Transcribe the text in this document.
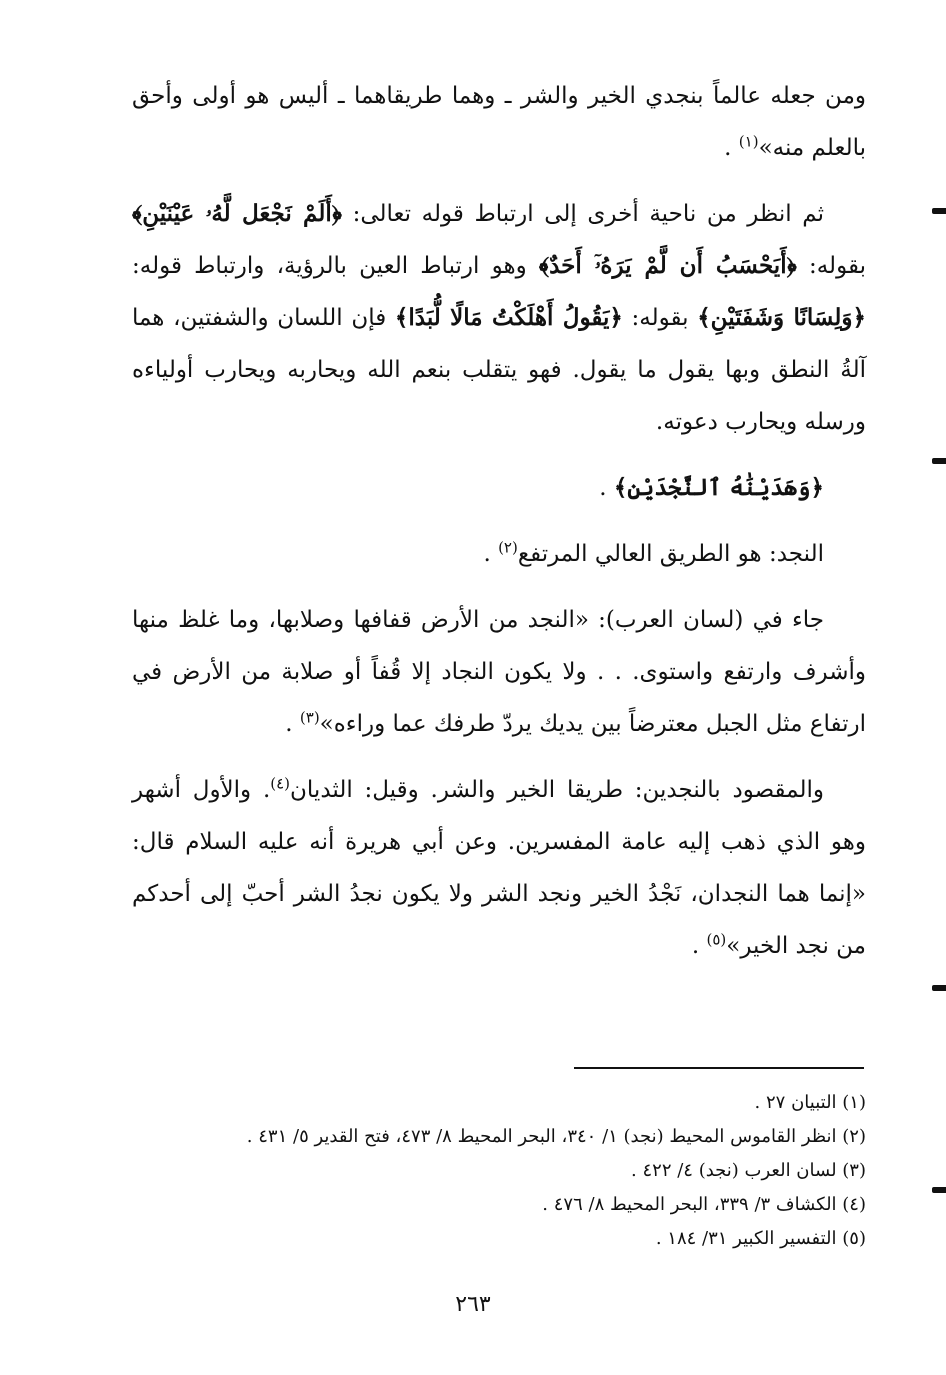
ومن جعله عالماً بنجدي الخير والشر ـ وهما طريقاهما ـ أليس هو أولى وأحق بالعلم منه»$^{(١)}$ .

ثم انظر من ناحية أخرى إلى ارتباط قوله تعالى: ﴿أَلَمْ نَجْعَل لَّهُۥ عَيْنَيْنِ﴾ بقوله: ﴿أَيَحْسَبُ أَن لَّمْ يَرَهُۥٓ أَحَدٌ﴾ وهو ارتباط العين بالرؤية، وارتباط قوله: ﴿وَلِسَانًا وَشَفَتَيْنِ﴾ بقوله: ﴿يَقُولُ أَهْلَكْتُ مَالًا لُّبَدًا﴾ فإن اللسان والشفتين، هما آلةُ النطق وبها يقول ما يقول. فهو يتقلب بنعم الله ويحاربه ويحارب أولياءه ورسله ويحارب دعوته.

﴿وَهَدَيْنَٰهُ ٱلنَّجْدَيْنِ﴾ .

النجد: هو الطريق العالي المرتفع$^{(٢)}$ .

جاء في (لسان العرب): «النجد من الأرض قفافها وصلابها، وما غلظ منها وأشرف وارتفع واستوى. . . ولا يكون النجاد إلا قُفاً أو صلابة من الأرض في ارتفاع مثل الجبل معترضاً بين يديك يردّ طرفك عما وراءه»$^{(٣)}$ .

والمقصود بالنجدين: طريقا الخير والشر. وقيل: الثديان$^{(٤)}$. والأول أشهر وهو الذي ذهب إليه عامة المفسرين. وعن أبي هريرة أنه عليه السلام قال: «إنما هما النجدان، نَجْدُ الخير ونجد الشر ولا يكون نجدُ الشر أحبّ إلى أحدكم من نجد الخير»$^{(٥)}$ .

(١) التبيان ٢٧ .

(٢) انظر القاموس المحيط (نجد) ١/ ٣٤٠، البحر المحيط ٨/ ٤٧٣، فتح القدير ٥/ ٤٣١ .

(٣) لسان العرب (نجد) ٤/ ٤٢٢ .

(٤) الكشاف ٣/ ٣٣٩، البحر المحيط ٨/ ٤٧٦ .

(٥) التفسير الكبير ٣١/ ١٨٤ .

٢٦٣
